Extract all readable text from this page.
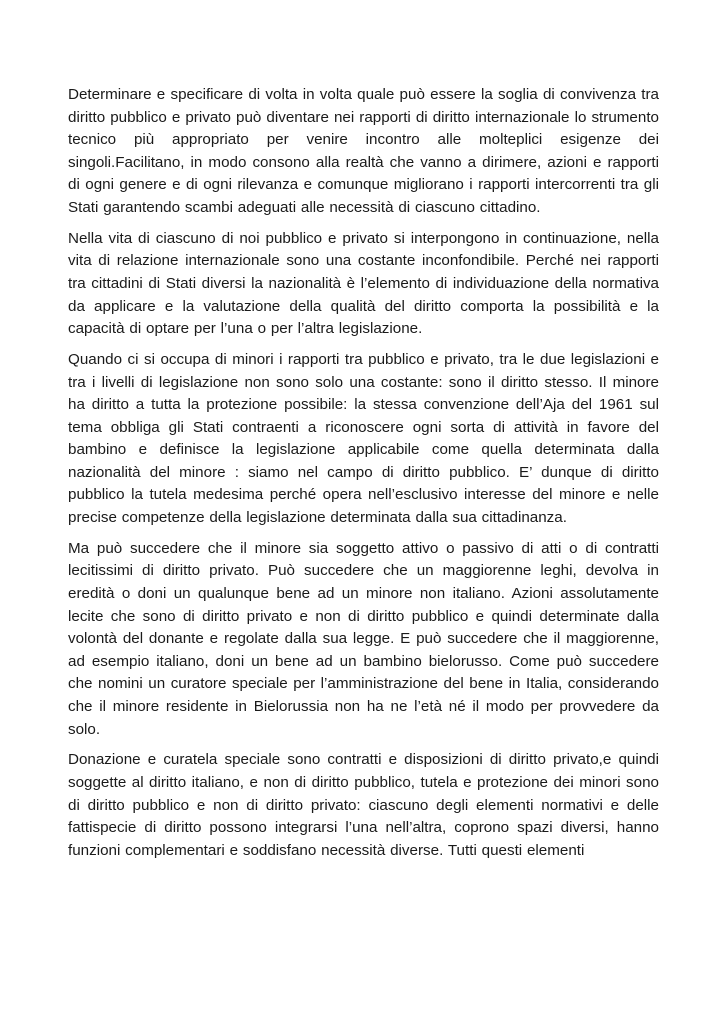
Determinare e specificare di volta in volta quale può essere la soglia di convivenza tra diritto pubblico e privato può diventare nei rapporti di diritto internazionale lo strumento tecnico più appropriato per venire incontro alle molteplici esigenze dei singoli.Facilitano, in modo consono alla realtà che vanno a dirimere, azioni e rapporti di ogni genere e di ogni rilevanza e comunque migliorano i rapporti intercorrenti tra gli Stati garantendo scambi adeguati alle necessità di ciascuno cittadino.

Nella vita di ciascuno di noi pubblico e privato si interpongono in continuazione, nella vita di relazione internazionale sono una costante inconfondibile. Perché nei rapporti tra cittadini di Stati diversi la nazionalità è l’elemento di individuazione della normativa da applicare e la valutazione della qualità del diritto comporta la possibilità e la capacità di optare per l’una o per l’altra legislazione.

Quando ci si occupa di minori i rapporti tra pubblico e privato, tra le due legislazioni e tra i livelli di legislazione non sono solo una costante: sono il diritto stesso. Il minore ha diritto a tutta la protezione possibile: la stessa convenzione dell’Aja del 1961 sul tema obbliga gli Stati contraenti a riconoscere ogni sorta di attività in favore del bambino e definisce la legislazione applicabile come quella determinata dalla nazionalità del minore : siamo nel campo di diritto pubblico. E’ dunque di diritto pubblico la tutela medesima perché opera nell’esclusivo interesse del minore e nelle precise competenze della legislazione determinata dalla sua cittadinanza.

Ma può succedere che il minore sia soggetto attivo o passivo di atti o di contratti lecitissimi di diritto privato. Può succedere che un maggiorenne leghi, devolva in eredità o doni un qualunque bene ad un minore non italiano. Azioni assolutamente lecite che sono di diritto privato e non di diritto pubblico e quindi determinate dalla volontà del donante e regolate dalla sua legge. E può succedere che il maggiorenne, ad esempio italiano, doni un bene ad un bambino bielorusso. Come può succedere che nomini un curatore speciale per l’amministrazione del bene in Italia, considerando che il minore residente in Bielorussia non ha ne l’età né il modo per provvedere da solo.

Donazione e curatela speciale sono contratti e disposizioni di diritto privato,e quindi soggette al diritto italiano, e non di diritto pubblico, tutela e protezione dei minori sono di diritto pubblico e non di diritto privato: ciascuno degli elementi normativi e delle fattispecie di diritto possono integrarsi l’una nell’altra, coprono spazi diversi, hanno funzioni complementari e soddisfano necessità diverse. Tutti questi elementi
